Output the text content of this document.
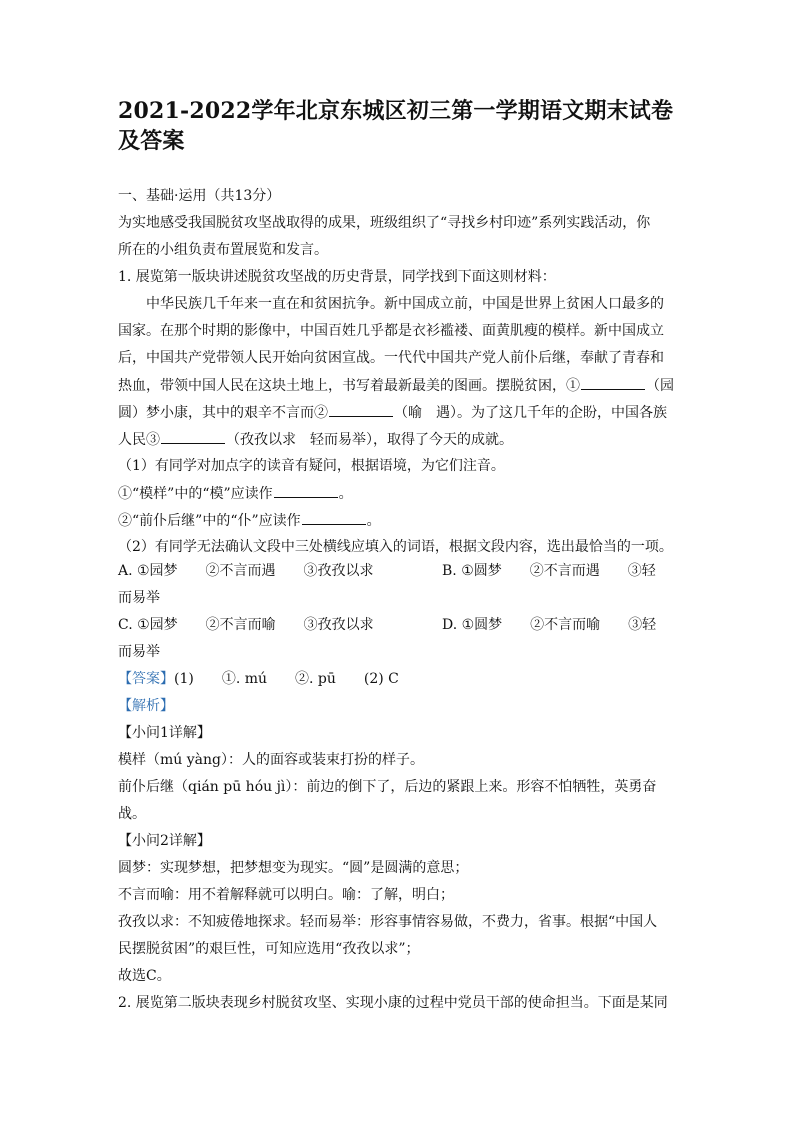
2021-2022学年北京东城区初三第一学期语文期末试卷及答案
一、基础·运用（共13分）
为实地感受我国脱贫攻坚战取得的成果，班级组织了“寻找乡村印迹”系列实践活动，你
所在的小组负责布置展览和发言。
1. 展览第一版块讲述脱贫攻坚战的历史背景，同学找到下面这则材料：
中华民族几千年来一直在和贫困抗争。新中国成立前，中国是世界上贫困人口最多的
国家。在那个时期的影像中，中国百姓几乎都是衣衫褴褛、面黄肌瘦的模样。新中国成立
后，中国共产党带领人民开始向贫困宣战。一代代中国共产党人前仆后继，奉献了青春和
热血，带领中国人民在这块土地上，书写着最新最美的图画。摆脱贫困，①	（园
圆）梦小康，其中的艰辛不言而②	（喻　遇）。为了这几千年的企盼，中国各族
人民③	（孜孜以求　轻而易举），取得了今天的成就。
（1）有同学对加点字的读音有疑问，根据语境，为它们注音。
①“模样”中的“模”应读作	。
②“前仆后继”中的“仆”应读作	。
（2）有同学无法确认文段中三处横线应填入的词语，根据文段内容，选出最恰当的一项。
A. ①园梦　　②不言而遇　　③孜孜以求	B. ①圆梦　　②不言而遇　　③轻
而易举
C. ①园梦　　②不言而喻　　③孜孜以求	D. ①圆梦　　②不言而喻　　③轻
而易举
【答案】(1)　　①. mú　　②. pū　　(2) C
【解析】
【小问1详解】
模样（mú yàng）：人的面容或装束打扮的样子。
前仆后继（qián pū hóu jì）：前边的倒下了，后边的紧跟上来。形容不怕牺牲，英勇奋
战。
【小问2详解】
圆梦：实现梦想，把梦想变为现实。“圆”是圆满的意思；
不言而喻：用不着解释就可以明白。喻：了解，明白；
孜孜以求：不知疲倦地探求。轻而易举：形容事情容易做，不费力，省事。根据“中国人
民摆脱贫困”的艰巨性，可知应选用“孜孜以求”；
故选C。
2. 展览第二版块表现乡村脱贫攻坚、实现小康的过程中党员干部的使命担当。下面是某同
